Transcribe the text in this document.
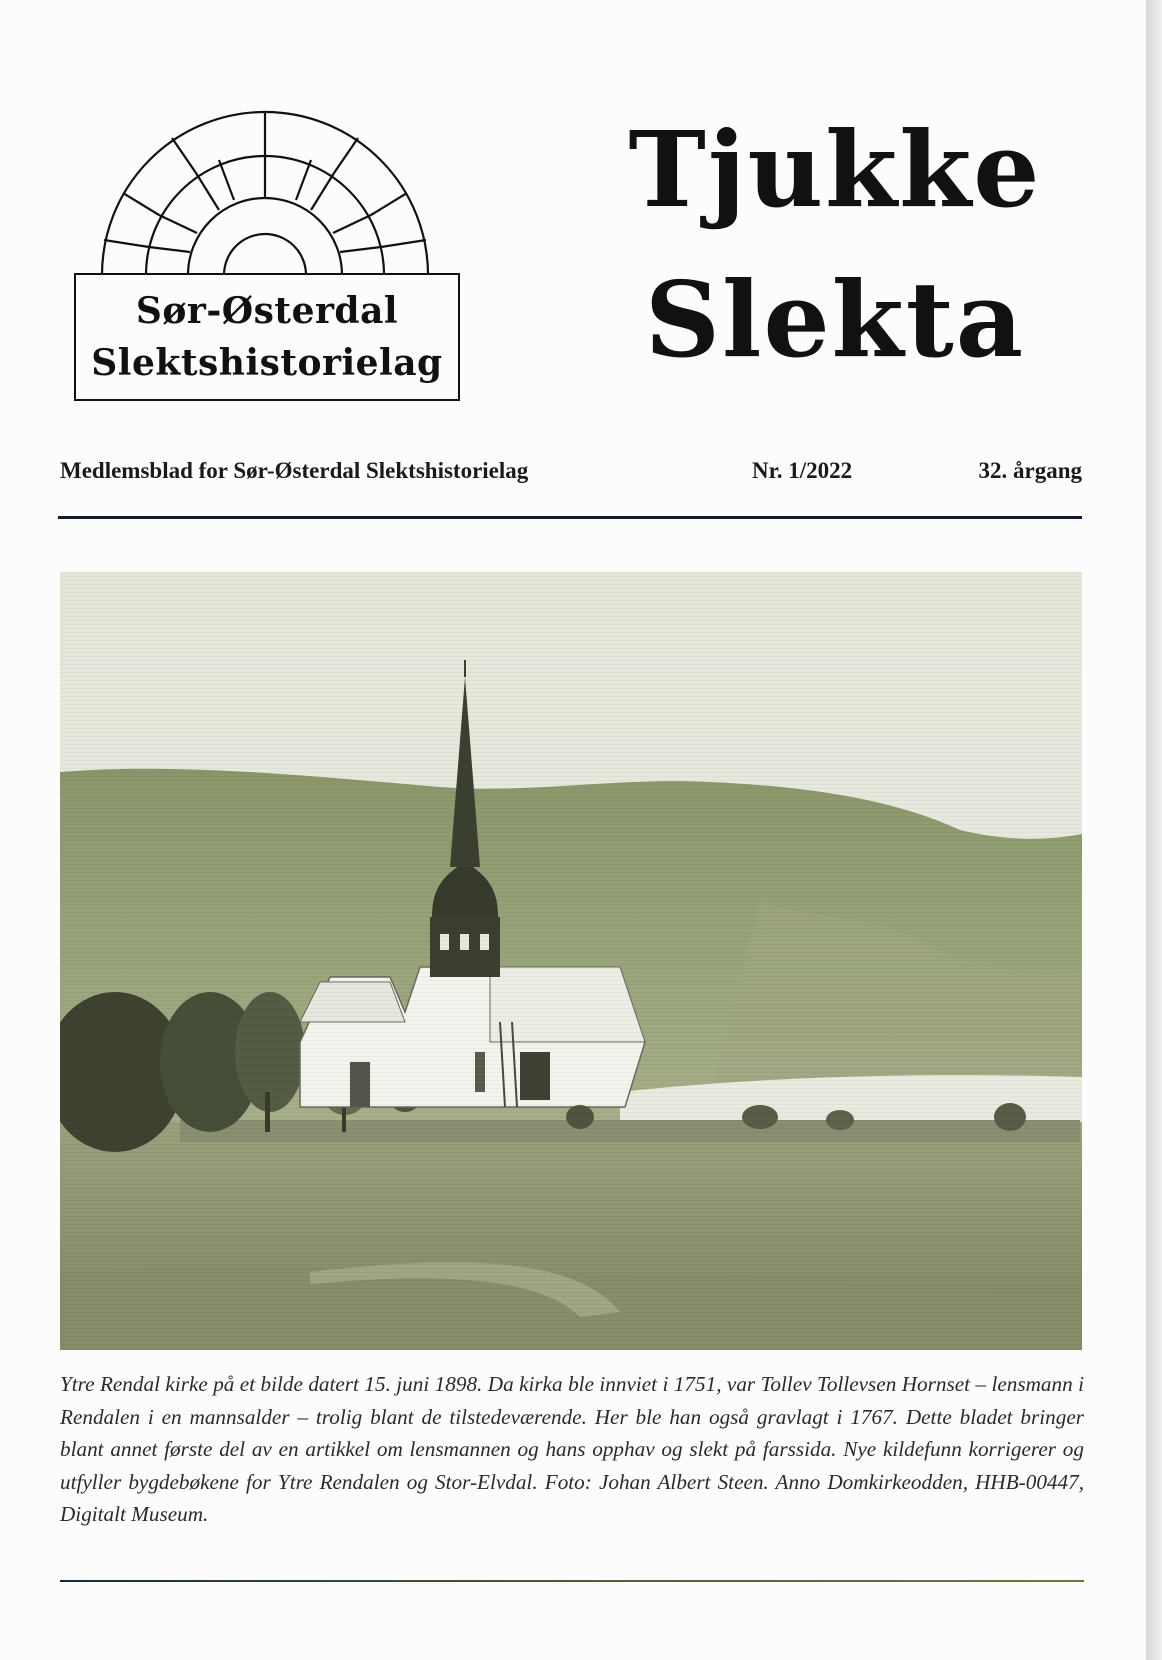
Sør-Østerdal
Slektshistorielag
Tjukke
Slekta
Medlemsblad for Sør-Østerdal Slektshistorielag	Nr. 1/2022	32. årgang
Ytre Rendal kirke på et bilde datert 15. juni 1898. Da kirka ble innviet i 1751, var Tollev Tollevsen Hornset – lensmann i Rendalen i en mannsalder – trolig blant de tilstedeværende. Her ble han også gravlagt i 1767. Dette bladet bringer blant annet første del av en artikkel om lensmannen og hans opphav og slekt på farssida. Nye kildefunn korrigerer og utfyller bygdebøkene for Ytre Rendalen og Stor-Elvdal. Foto: Johan Albert Steen. Anno Domkirkeodden, HHB-00447, Digitalt Museum.
